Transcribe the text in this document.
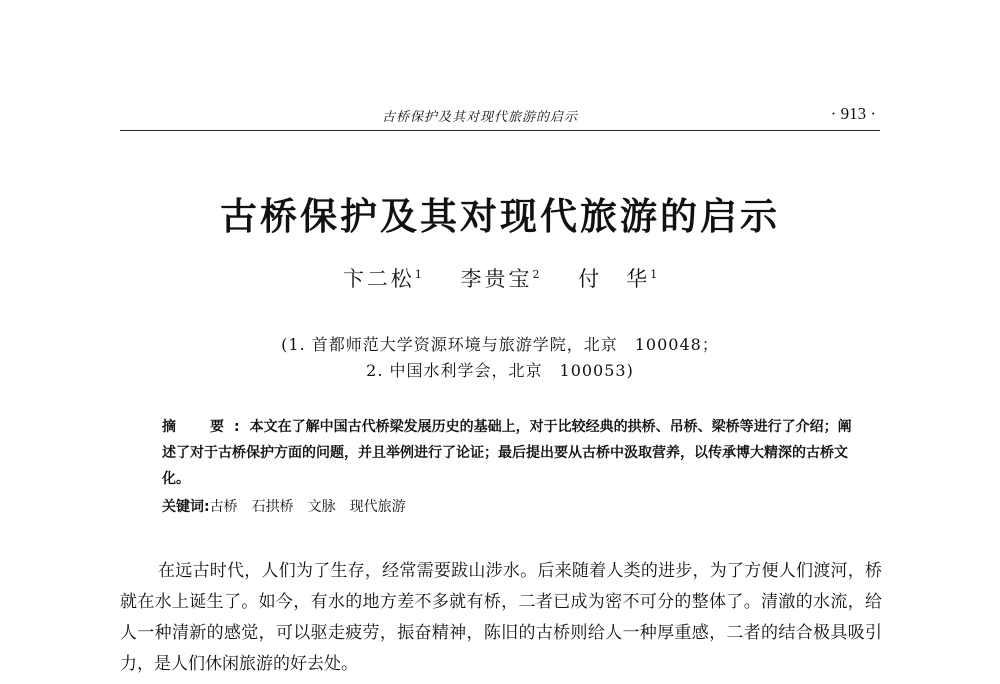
古桥保护及其对现代旅游的启示	· 913 ·
古桥保护及其对现代旅游的启示
卞二松$^1$ 李贵宝$^2$ 付　华$^1$
(1. 首都师范大学资源环境与旅游学院，北京　100048；
2. 中国水利学会，北京　100053)
摘　要:本文在了解中国古代桥梁发展历史的基础上，对于比较经典的拱桥、吊桥、梁桥等进行了介绍；阐述了对于古桥保护方面的问题，并且举例进行了论证；最后提出要从古桥中汲取营养，以传承博大精深的古桥文化。
关键词:古桥 石拱桥 文脉 现代旅游
在远古时代，人们为了生存，经常需要跋山涉水。后来随着人类的进步，为了方便人们渡河，桥就在水上诞生了。如今，有水的地方差不多就有桥，二者已成为密不可分的整体了。清澈的水流，给人一种清新的感觉，可以驱走疲劳，振奋精神，陈旧的古桥则给人一种厚重感，二者的结合极具吸引力，是人们休闲旅游的好去处。
